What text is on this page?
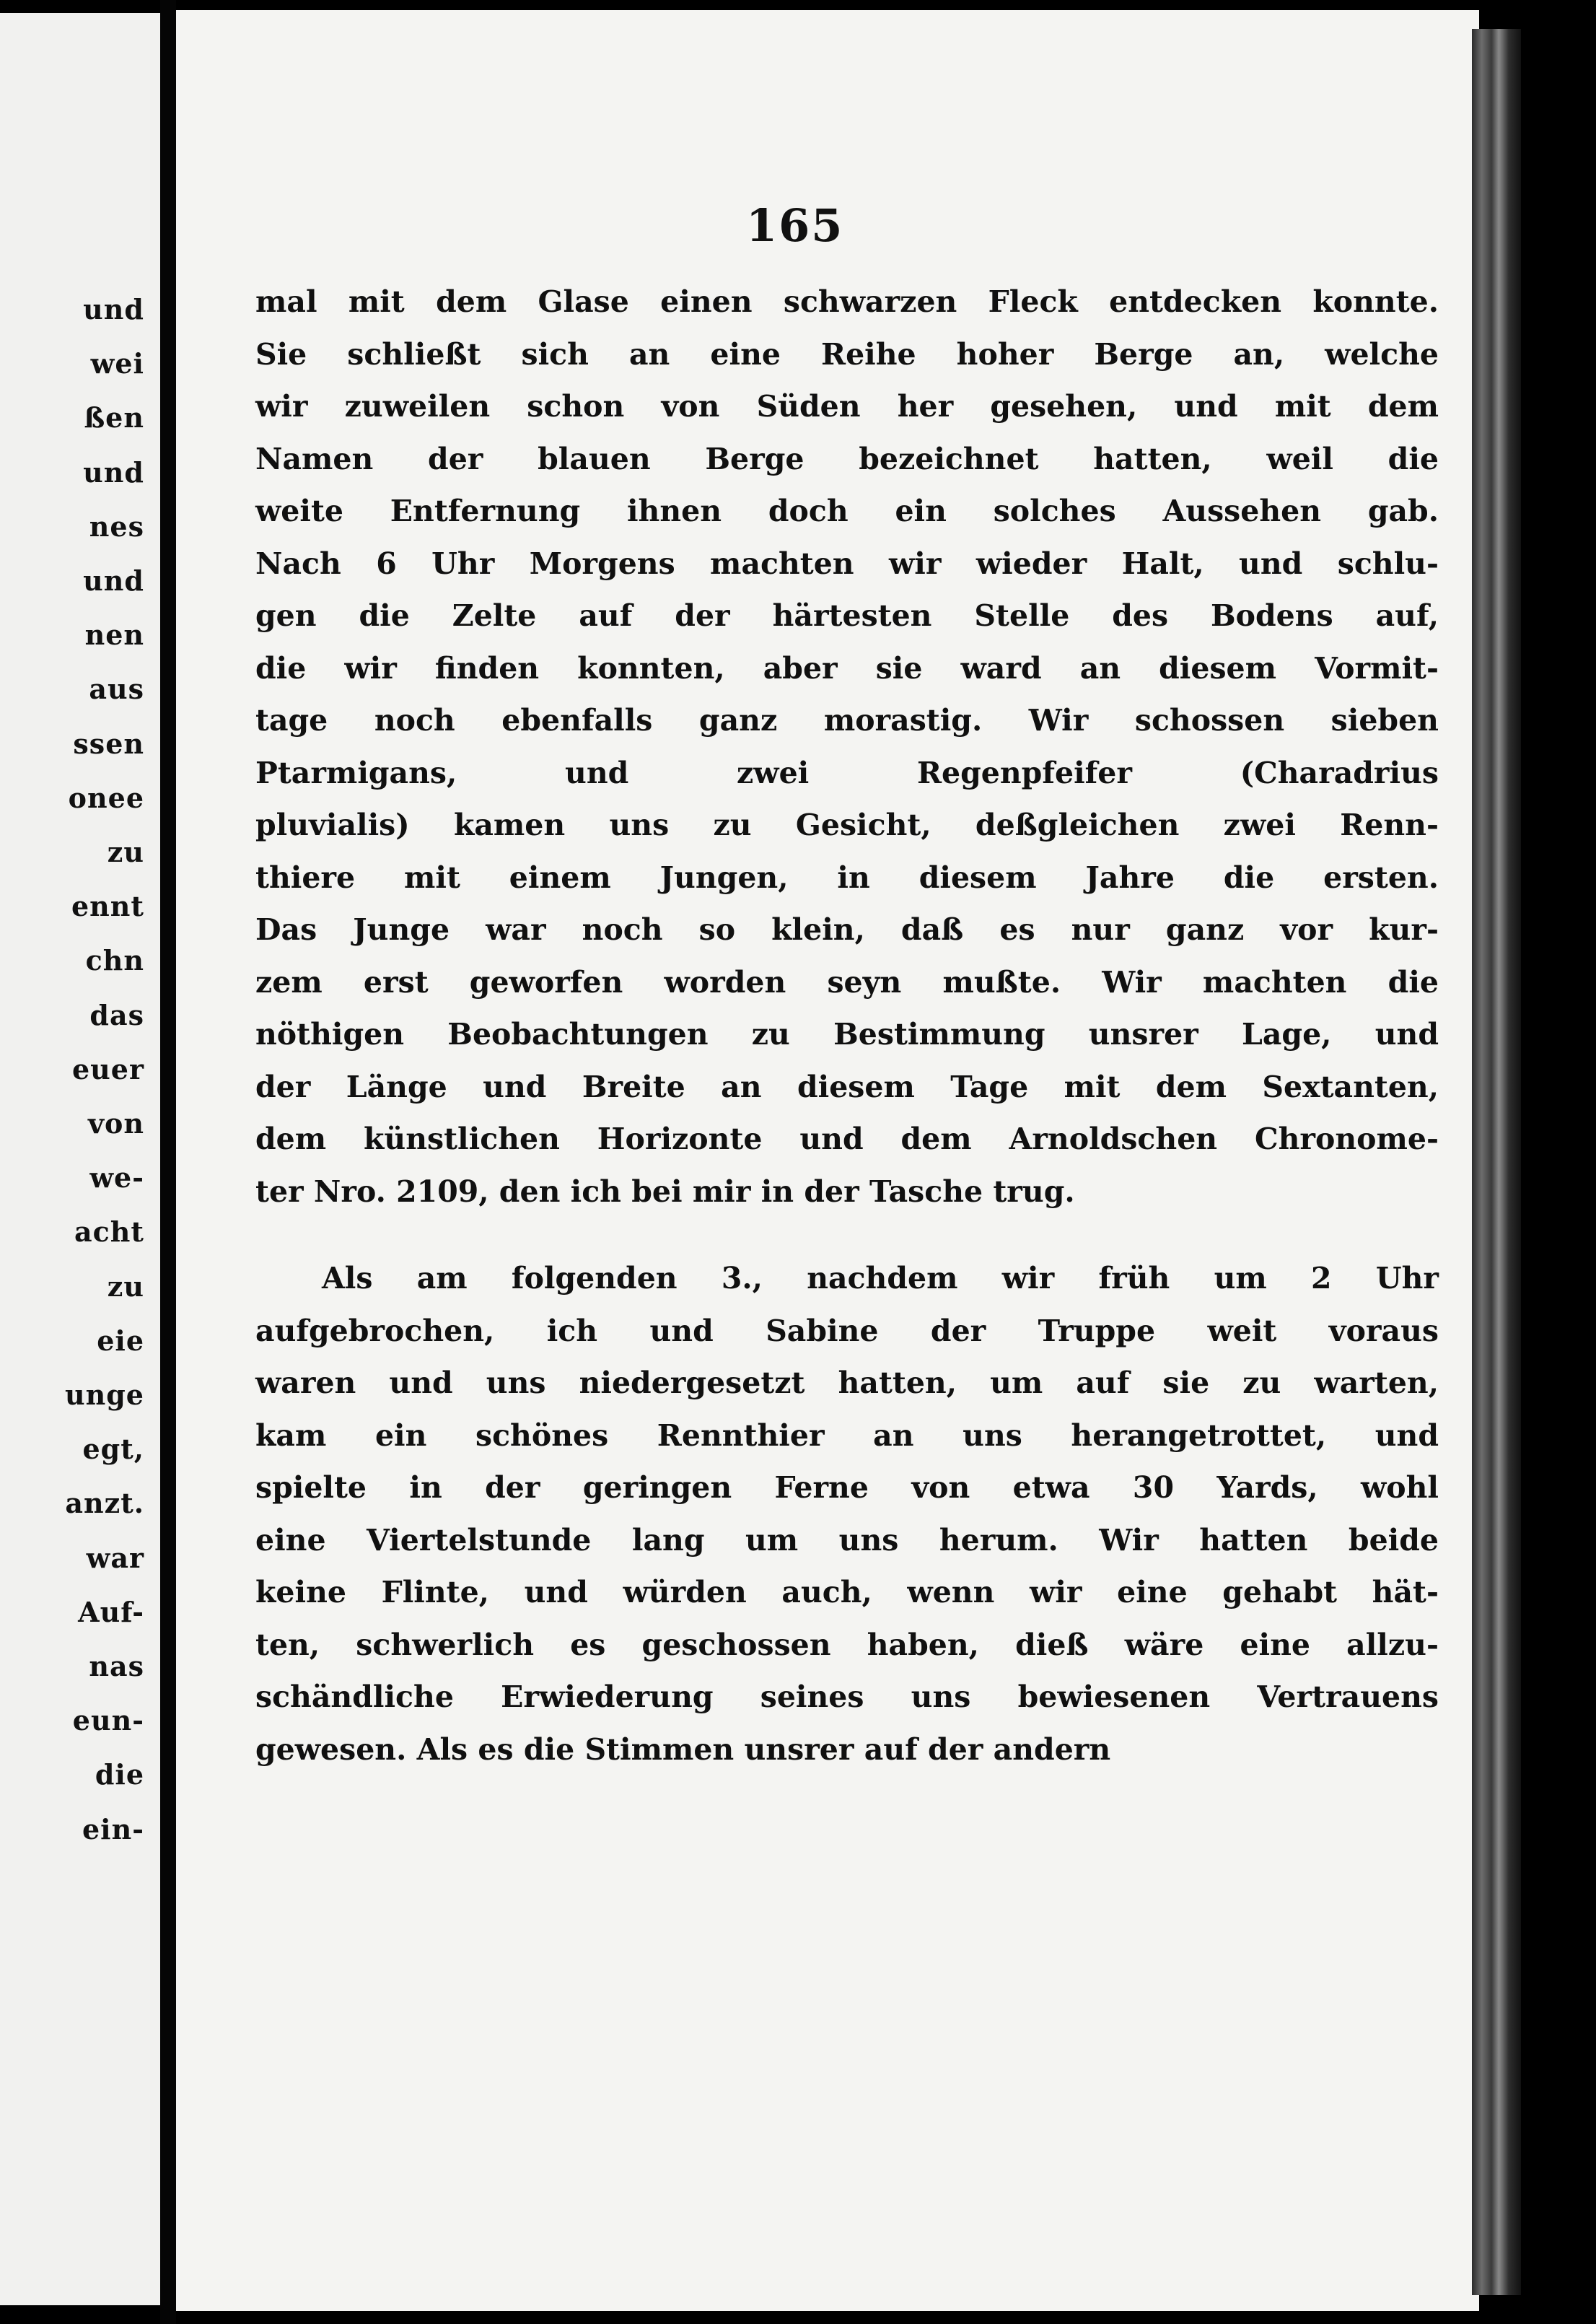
und
wei
ßen
und
nes
und
nen
aus
ssen
onee
zu
ennt
chn
das
euer
von
we-
acht
zu
eie
unge
egt,
anzt.
war
Auf-
nas
eun-
die
ein-
165
mal mit dem Glase einen schwarzen Fleck entdecken konnte.
Sie schließt sich an eine Reihe hoher Berge an, welche
wir zuweilen schon von Süden her gesehen, und mit dem
Namen der blauen Berge bezeichnet hatten, weil die
weite Entfernung ihnen doch ein solches Aussehen gab.
Nach 6 Uhr Morgens machten wir wieder Halt, und schlu-
gen die Zelte auf der härtesten Stelle des Bodens auf,
die wir finden konnten, aber sie ward an diesem Vormit-
tage noch ebenfalls ganz morastig. Wir schossen sieben
Ptarmigans, und zwei Regenpfeifer (Charadrius
pluvialis) kamen uns zu Gesicht, deßgleichen zwei Renn-
thiere mit einem Jungen, in diesem Jahre die ersten.
Das Junge war noch so klein, daß es nur ganz vor kur-
zem erst geworfen worden seyn mußte. Wir machten die
nöthigen Beobachtungen zu Bestimmung unsrer Lage, und
der Länge und Breite an diesem Tage mit dem Sextanten,
dem künstlichen Horizonte und dem Arnoldschen Chronome-
ter Nro. 2109, den ich bei mir in der Tasche trug.
Als am folgenden 3., nachdem wir früh um 2 Uhr
aufgebrochen, ich und Sabine der Truppe weit voraus
waren und uns niedergesetzt hatten, um auf sie zu warten,
kam ein schönes Rennthier an uns herangetrottet, und
spielte in der geringen Ferne von etwa 30 Yards, wohl
eine Viertelstunde lang um uns herum. Wir hatten beide
keine Flinte, und würden auch, wenn wir eine gehabt hät-
ten, schwerlich es geschossen haben, dieß wäre eine allzu-
schändliche Erwiederung seines uns bewiesenen Vertrauens
gewesen. Als es die Stimmen unsrer auf der andern
